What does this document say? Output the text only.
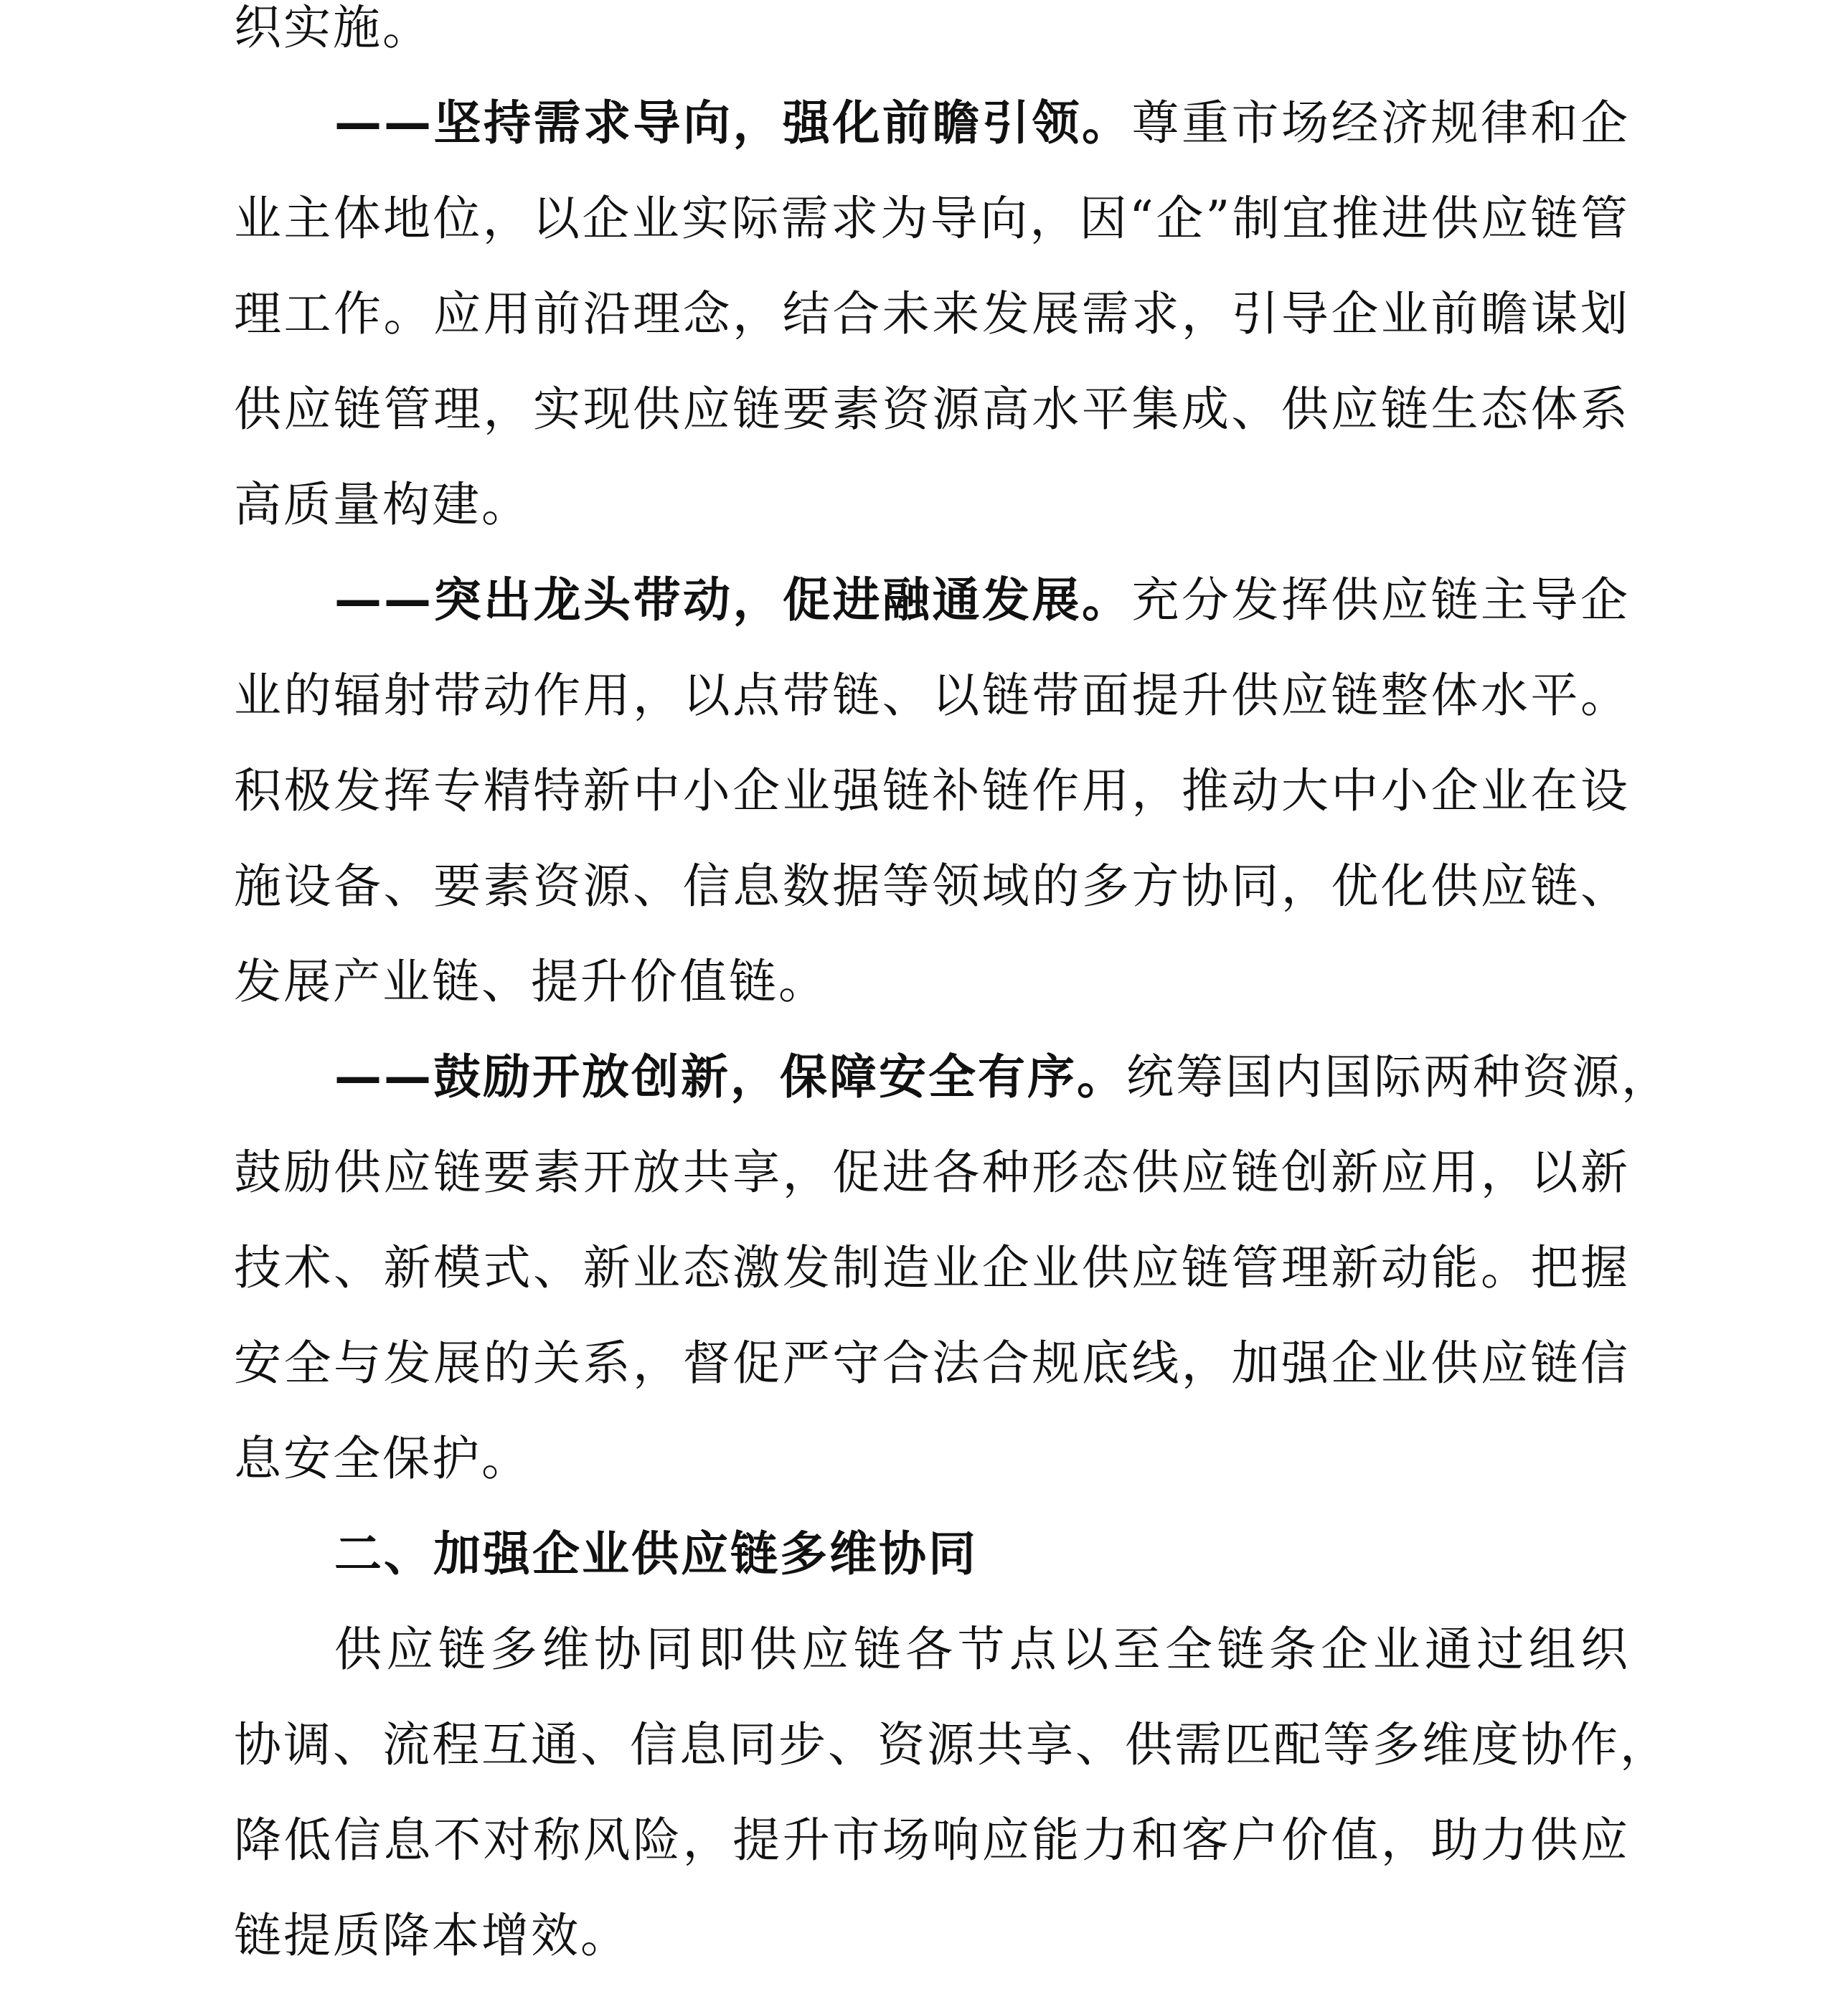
织实施。
——坚持需求导向，强化前瞻引领。尊重市场经济规律和企
业主体地位，以企业实际需求为导向，因“企”制宜推进供应链管
理工作。应用前沿理念，结合未来发展需求，引导企业前瞻谋划
供应链管理，实现供应链要素资源高水平集成、供应链生态体系
高质量构建。
——突出龙头带动，促进融通发展。充分发挥供应链主导企
业的辐射带动作用，以点带链、以链带面提升供应链整体水平。
积极发挥专精特新中小企业强链补链作用，推动大中小企业在设
施设备、要素资源、信息数据等领域的多方协同，优化供应链、
发展产业链、提升价值链。
——鼓励开放创新，保障安全有序。统筹国内国际两种资源，
鼓励供应链要素开放共享，促进各种形态供应链创新应用，以新
技术、新模式、新业态激发制造业企业供应链管理新动能。把握
安全与发展的关系，督促严守合法合规底线，加强企业供应链信
息安全保护。
二、加强企业供应链多维协同
供应链多维协同即供应链各节点以至全链条企业通过组织
协调、流程互通、信息同步、资源共享、供需匹配等多维度协作，
降低信息不对称风险，提升市场响应能力和客户价值，助力供应
链提质降本增效。
